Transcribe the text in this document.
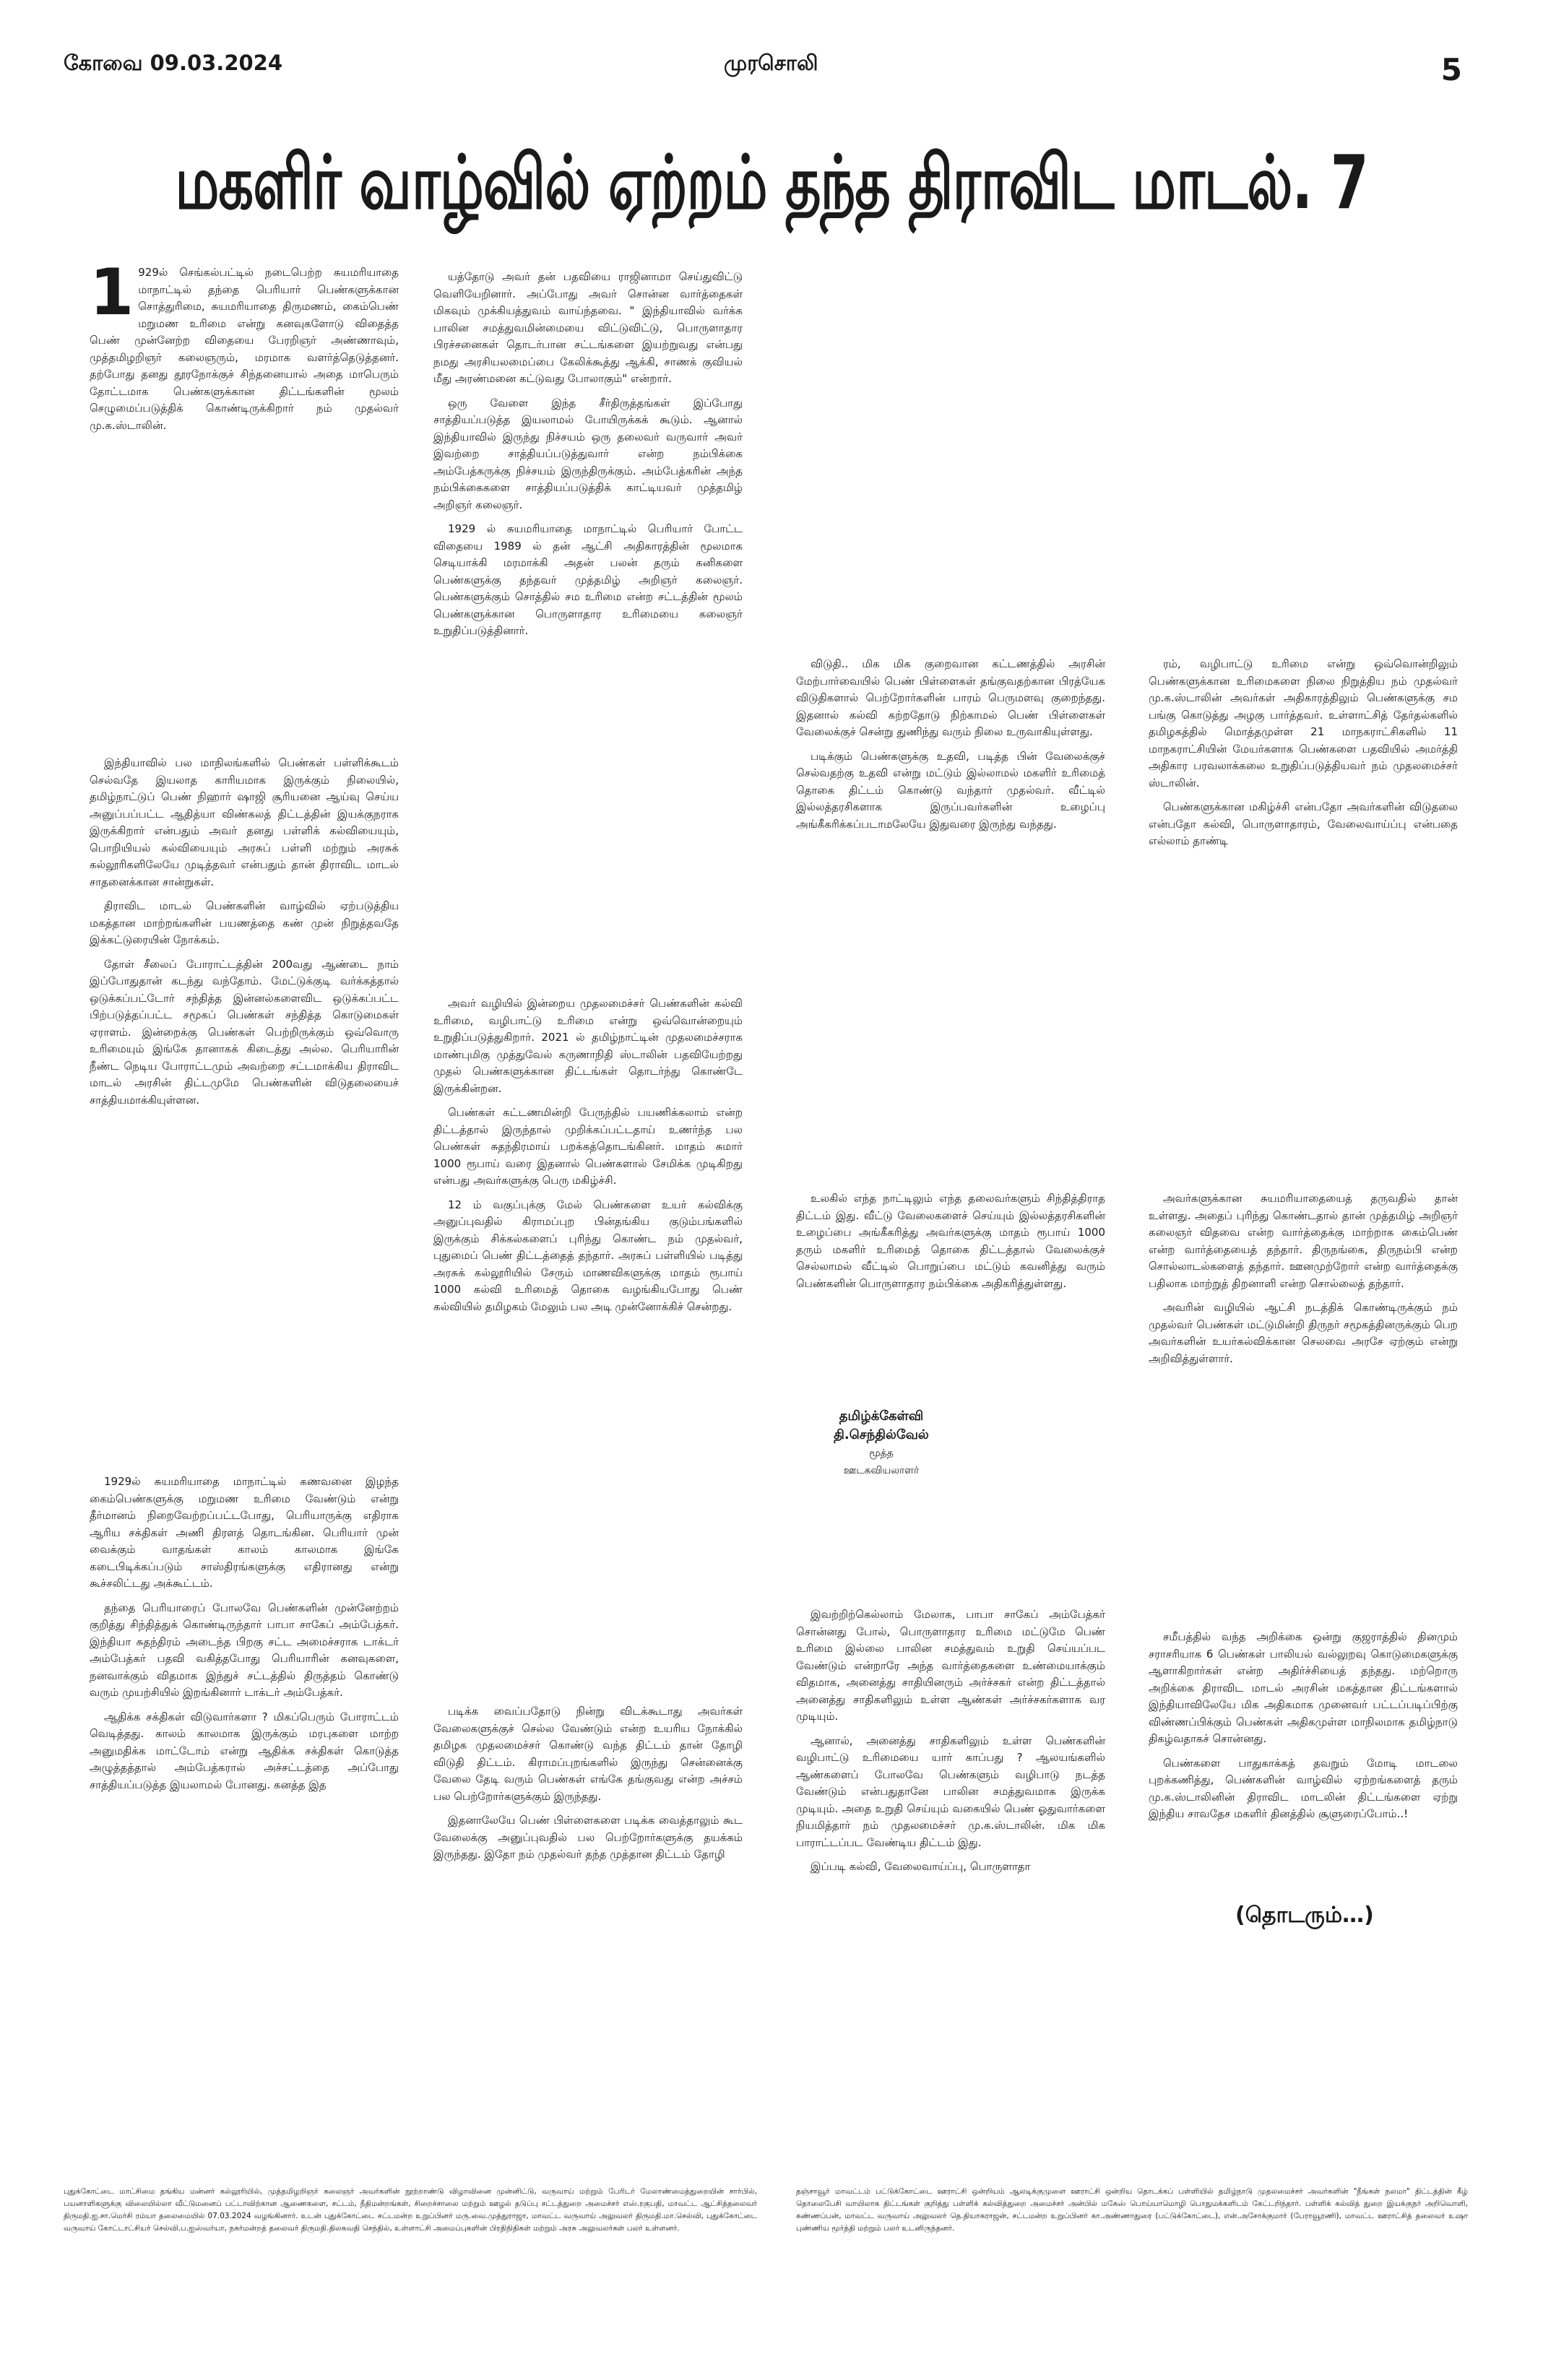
கோவை 09.03.2024	முரசொலி	5
மகளிர் வாழ்வில் ஏற்றம் தந்த திராவிட மாடல். 7
1 929ல் செங்கல்பட்டில் நடைபெற்ற சுயமரியாதை மாநாட்டில் தந்தை பெரியார் பெண்களுக்கான சொத்துரிமை, சுயமரியாதை திருமணம், கைம்பெண் மறுமண உரிமை என்று கனவுகளோடு விதைத்த பெண் முன்னேற்ற விதையை பேரறிஞர் அண்ணாவும், முத்தமிழறிஞர் கலைஞரும், மரமாக வளர்த்தெடுத்தனர். தற்போது தனது தூரநோக்குச் சிந்தனையால் அதை மாபெரும் தோட்டமாக பெண்களுக்கான திட்டங்களின் மூலம் செழுமைப்படுத்திக் கொண்டிருக்கிறார் நம் முதல்வர் மு.க.ஸ்டாலின்.

இந்தியாவில் பல மாநிலங்களில் பெண்கள் பள்ளிக்கூடம் செல்வதே இயலாத காரியமாக இருக்கும் நிலையில், தமிழ்நாட்டுப் பெண் நிஹார் ஷாஜி சூரியனை ஆய்வு செய்ய அனுப்பப்பட்ட ஆதித்யா விண்கலத் திட்டத்தின் இயக்குநராக இருக்கிறார் என்பதும் அவர் தனது பள்ளிக் கல்வியையும், பொறியியல் கல்வியையும் அரசுப் பள்ளி மற்றும் அரசுக் கல்லூரிகளிலேயே முடித்தவர் என்பதும் தான் திராவிட மாடல் சாதனைக்கான சான்றுகள்.

திராவிட மாடல் பெண்களின் வாழ்வில் ஏற்படுத்திய மகத்தான மாற்றங்களின் பயணத்தை கண் முன் நிறுத்தவதே இக்கட்டுரையின் நோக்கம்.

தோள் சீலைப் போராட்டத்தின் 200வது ஆண்டை நாம் இப்போதுதான் கடந்து வந்தோம். மேட்டுக்குடி வர்க்கத்தால் ஒடுக்கப்பட்டோர் சந்தித்த இன்னல்களைவிட ஒடுக்கப்பட்ட பிற்படுத்தப்பட்ட சமூகப் பெண்கள் சந்தித்த கொடுமைகள் ஏராளம். இன்றைக்கு பெண்கள் பெற்றிருக்கும் ஒவ்வொரு உரிமையும் இங்கே தானாகக் கிடைத்து அல்ல. பெரியாரின் நீண்ட நெடிய போராட்டமும் அவற்றை சட்டமாக்கிய திராவிட மாடல் அரசின் திட்டமுமே பெண்களின் விடுதலையைச் சாத்தியமாக்கியுள்ளன.

1929ல் சுயமரியாதை மாநாட்டில் கணவனை இழந்த கைம்பெண்களுக்கு மறுமண உரிமை வேண்டும் என்று தீர்மானம் நிறைவேற்றப்பட்டபோது, பெரியாருக்கு எதிராக ஆரிய சக்திகள் அணி திரளத் தொடங்கின. பெரியார் முன் வைக்கும் வாதங்கள் காலம் காலமாக இங்கே கடைபிடிக்கப்படும் சாஸ்திரங்களுக்கு எதிரானது என்று கூச்சலிட்டது அக்கூட்டம்.

தந்தை பெரியாரைப் போலவே பெண்களின் முன்னேற்றம் குறித்து சிந்தித்துக் கொண்டிருந்தார் பாபா சாகேப் அம்பேத்கர். இந்தியா சுதந்திரம் அடைந்த பிறகு சட்ட அமைச்சராக டாக்டர் அம்பேத்கர் பதவி வகித்தபோது பெரியாரின் கனவுகளை, நனவாக்கும் விதமாக இந்துச் சட்டத்தில் திருத்தம் கொண்டு வரும் முயற்சியில் இறங்கினார் டாக்டர் அம்பேத்கர்.

ஆதிக்க சக்திகள் விடுவார்களா ? மிகப்பெரும் போராட்டம் வெடித்தது. காலம் காலமாக இருக்கும் மரபுகளை மாற்ற அனுமதிக்க மாட்டோம் என்று ஆதிக்க சக்திகள் கொடுத்த அழுத்தத்தால் அம்பேத்கரால் அச்சட்டத்தை அப்போது சாத்தியப்படுத்த இயலாமல் போனது. கனத்த இத

யத்தோடு அவர் தன் பதவியை ராஜினாமா செய்துவிட்டு வெளியேறினார். அப்போது அவர் சொன்ன வார்த்தைகள் மிகவும் முக்கியத்துவம் வாய்ந்தவை. " இந்தியாவில் வர்க்க பாலின சமத்துவமின்மையை விட்டுவிட்டு, பொருளாதார பிரச்சனைகள் தொடர்பான சட்டங்களை இயற்றுவது என்பது நமது அரசியலமைப்பை கேலிக்கூத்து ஆக்கி, சாணக் குவியல் மீது அரண்மனை கட்டுவது போலாகும்" என்றார்.

ஒரு வேளை இந்த சீர்திருத்தங்கள் இப்போது சாத்தியப்படுத்த இயலாமல் போயிருக்கக் கூடும். ஆனால் இந்தியாவில் இருந்து நிச்சயம் ஒரு தலைவர் வருவார் அவர் இவற்றை சாத்தியப்படுத்துவார் என்ற நம்பிக்கை அம்பேத்கருக்கு நிச்சயம் இருந்திருக்கும். அம்பேத்கரின் அந்த நம்பிக்கைகளை சாத்தியப்படுத்திக் காட்டியவர் முத்தமிழ் அறிஞர் கலைஞர்.

1929 ல் சுயமரியாதை மாநாட்டில் பெரியார் போட்ட விதையை 1989 ல் தன் ஆட்சி அதிகாரத்தின் மூலமாக செடியாக்கி மரமாக்கி அதன் பலன் தரும் கனிகளை பெண்களுக்கு தந்தவர் முத்தமிழ் அறிஞர் கலைஞர். பெண்களுக்கும் சொத்தில் சம உரிமை என்ற சட்டத்தின் மூலம் பெண்களுக்கான பொருளாதார உரிமையை கலைஞர் உறுதிப்படுத்தினார்.

அவர் வழியில் இன்றைய முதலமைச்சர் பெண்களின் கல்வி உரிமை, வழிபாட்டு உரிமை என்று ஒவ்வொன்றையும் உறுதிப்படுத்துகிறார். 2021 ல் தமிழ்நாட்டின் முதலமைச்சராக மாண்புமிகு முத்துவேல் கருணாநிதி ஸ்டாலின் பதவியேற்றது முதல் பெண்களுக்கான திட்டங்கள் தொடர்ந்து கொண்டே இருக்கின்றன.

பெண்கள் கட்டணமின்றி பேருந்தில் பயணிக்கலாம் என்ற திட்டத்தால் இருந்தால் முறிக்கப்பட்டதாய் உணர்ந்த பல பெண்கள் சுதந்திரமாய் பறக்கத்தொடங்கினர். மாதம் சுமார் 1000 ரூபாய் வரை இதனால் பெண்களால் சேமிக்க முடிகிறது என்பது அவர்களுக்கு பெரு மகிழ்ச்சி.

12 ம் வகுப்புக்கு மேல் பெண்களை உயர் கல்விக்கு அனுப்புவதில் கிராமப்புற பின்தங்கிய குடும்பங்களில் இருக்கும் சிக்கல்களைப் புரிந்து கொண்ட நம் முதல்வர், புதுமைப் பெண் திட்டத்தைத் தந்தார். அரசுப் பள்ளியில் படித்து அரசுக் கல்லூரியில் சேரும் மாணவிகளுக்கு மாதம் ரூபாய் 1000 கல்வி உரிமைத் தொகை வழங்கியபோது பெண் கல்வியில் தமிழகம் மேலும் பல அடி முன்னோக்கிச் சென்றது.

படிக்க வைப்பதோடு நின்று விடக்கூடாது அவர்கள் வேலைகளுக்குச் செல்ல வேண்டும் என்ற உயரிய நோக்கில் தமிழக முதலமைச்சர் கொண்டு வந்த திட்டம் தான் தோழி விடுதி திட்டம். கிராமப்புறங்களில் இருந்து சென்னைக்கு வேலை தேடி வரும் பெண்கள் எங்கே தங்குவது என்ற அச்சம் பல பெற்றோர்களுக்கும் இருந்தது.

இதனாலேயே பெண் பிள்ளைகளை படிக்க வைத்தாலும் கூட வேலைக்கு அனுப்புவதில் பல பெற்றோர்களுக்கு தயக்கம் இருந்தது. இதோ நம் முதல்வர் தந்த முத்தான திட்டம் தோழி

விடுதி.. மிக மிக குறைவான கட்டணத்தில் அரசின் மேற்பார்வையில் பெண் பிள்ளைகள் தங்குவதற்கான பிரத்யேக விடுதிகளால் பெற்றோர்களின் பாரம் பெருமளவு குறைந்தது. இதனால் கல்வி கற்றதோடு நிற்காமல் பெண் பிள்ளைகள் வேலைக்குச் சென்று துணிந்து வரும் நிலை உருவாகியுள்ளது.

படிக்கும் பெண்களுக்கு உதவி, படித்த பின் வேலைக்குச் செல்வதற்கு உதவி என்று மட்டும் இல்லாமல் மகளிர் உரிமைத் தொகை திட்டம் கொண்டு வந்தார் முதல்வர். வீட்டில் இல்லத்தரசிகளாக இருப்பவர்களின் உழைப்பு அங்கீகரிக்கப்படாமலேயே இதுவரை இருந்து வந்தது.

உலகில் எந்த நாட்டிலும் எந்த தலைவர்களும் சிந்தித்திராத திட்டம் இது. வீட்டு வேலைகளைச் செய்யும் இல்லத்தரசிகளின் உழைப்பை அங்கீகரித்து அவர்களுக்கு மாதம் ரூபாய் 1000 தரும் மகளிர் உரிமைத் தொகை திட்டத்தால் வேலைக்குச் செல்லாமல் வீட்டில் பொறுப்பை மட்டும் கவனித்து வரும் பெண்களின் பொருளாதார நம்பிக்கை அதிகரித்துள்ளது.

தமிழ்க்கேள்வி
தி.செந்தில்வேல்
மூத்த
ஊடகவியலாளர்

இவற்றிற்கெல்லாம் மேலாக, பாபா சாகேப் அம்பேத்கர் சொன்னது போல், பொருளாதார உரிமை மட்டுமே பெண் உரிமை இல்லை பாலின சமத்துவம் உறுதி செய்யப்பட வேண்டும் என்றாரே அந்த வார்த்தைகளை உண்மையாக்கும் விதமாக, அனைத்து சாதியினரும் அர்ச்சகர் என்ற திட்டத்தால் அனைத்து சாதிகளிலும் உள்ள ஆண்கள் அர்ச்சகர்களாக வர முடியும்.

ஆனால், அனைத்து சாதிகளிலும் உள்ள பெண்களின் வழிபாட்டு உரிமையை யார் காப்பது ? ஆலயங்களில் ஆண்களைப் போலவே பெண்களும் வழிபாடு நடத்த வேண்டும் என்பதுதானே பாலின சமத்துவமாக இருக்க முடியும். அதை உறுதி செய்யும் வகையில் பெண் ஓதுவார்களை நியமித்தார் நம் முதலமைச்சர் மு.க.ஸ்டாலின். மிக மிக பாராட்டப்பட வேண்டிய திட்டம் இது.

இப்படி கல்வி, வேலைவாய்ப்பு, பொருளாதா

ரம், வழிபாட்டு உரிமை என்று ஒவ்வொன்றிலும் பெண்களுக்கான உரிமைகளை நிலை நிறுத்திய நம் முதல்வர் மு.க.ஸ்டாலின் அவர்கள் அதிகாரத்திலும் பெண்களுக்கு சம பங்கு கொடுத்து அழகு பார்த்தவர். உள்ளாட்சித் தேர்தல்களில் தமிழகத்தில் மொத்தமுள்ள 21 மாநகராட்சிகளில் 11 மாநகராட்சியின் மேயர்களாக பெண்களை பதவியில் அமர்த்தி அதிகார பரவலாக்கலை உறுதிப்படுத்தியவர் நம் முதலமைச்சர் ஸ்டாலின்.

பெண்களுக்கான மகிழ்ச்சி என்பதோ அவர்களின் விடுதலை என்பதோ கல்வி, பொருளாதாரம், வேலைவாய்ப்பு என்பதை எல்லாம் தாண்டி

அவர்களுக்கான சுயமரியாதையைத் தருவதில் தான் உள்ளது. அதைப் புரிந்து கொண்டதால் தான் முத்தமிழ் அறிஞர் கலைஞர் விதவை என்ற வார்த்தைக்கு மாற்றாக கைம்பெண் என்ற வார்த்தையைத் தந்தார். திருநங்கை, திருநம்பி என்ற சொல்லாடல்களைத் தந்தார். ஊனமுற்றோர் என்ற வார்த்தைக்கு பதிலாக மாற்றுத் திறனாளி என்ற சொல்லைத் தந்தார்.

அவரின் வழியில் ஆட்சி நடத்திக் கொண்டிருக்கும் நம் முதல்வர் பெண்கள் மட்டுமின்றி திருநர் சமூகத்தினருக்கும் பெற அவர்களின் உயர்கல்விக்கான செலவை அரசே ஏற்கும் என்று அறிவித்துள்ளார்.

சமீபத்தில் வந்த அறிக்கை ஒன்று குஜராத்தில் தினமும் சராசரியாக 6 பெண்கள் பாலியல் வல்லுறவு கொடுமைகளுக்கு ஆளாகிறார்கள் என்ற அதிர்ச்சியைத் தந்தது. மற்றொரு அறிக்கை திராவிட மாடல் அரசின் மகத்தான திட்டங்களால் இந்தியாவிலேயே மிக அதிகமாக முனைவர் பட்டப்படிப்பிற்கு விண்ணப்பிக்கும் பெண்கள் அதிகமுள்ள மாநிலமாக தமிழ்நாடு திகழ்வதாகச் சொன்னது.

பெண்களை பாதுகாக்கத் தவறும் மோடி மாடலை புறக்கணித்து, பெண்களின் வாழ்வில் ஏற்றங்களைத் தரும் மு.க.ஸ்டாலினின் திராவிட மாடலின் திட்டங்களை ஏற்று இந்திய சாவதேச மகளிர் தினத்தில் சூளுரைப்போம்..!

(தொடரும்…)
புதுக்கோட்டை மாட்சிமை தங்கிய மன்னர் கல்லூரியில், முத்தமிழறிஞர் கலைஞர் அவர்களின் நூற்றாண்டு விழாவினை முன்னிட்டு, வருவாய் மற்றும் பேரிடர் மேலாண்மைத்துறையின் சார்பில், பயனாளிகளுக்கு விலையில்லா வீட்டுமனைப் பட்டாவிற்கான ஆணைகளை, சட்டம், நீதிமன்றங்கள், சிறைச்சாலை மற்றும் ஊழல் தடுப்பு சட்டத்துறை அமைச்சர் எஸ்.ரகுபதி, மாவட்ட ஆட்சித்தலைவர் திருமதி.ஐ.சா.மெர்சி ரம்யா தலைமையில் 07.03.2024 வழங்கினார். உடன் புதுக்கோட்டை சட்டமன்ற உறுப்பினர் மரு.வை.முத்துராஜா, மாவட்ட வருவாய் அலுவலர் திருமதி.மா.செல்வி, புதுக்கோட்டை வருவாய் கோட்டாட்சியர் செல்வி.ப.ஐஸ்வர்யா, நகர்மன்றத் தலைவர் திருமதி.திலகவதி செந்தில், உள்ளாட்சி அமைப்புகளின் பிரதிநிதிகள் மற்றும் அரசு அலுவலர்கள் பலர் உள்ளனர்.
தஞ்சாவூர் மாவட்டம் பட்டுக்கோட்டை ஊராட்சி ஒன்றியம் ஆலடிக்குமுளை ஊராட்சி ஒன்றிய தொடக்கப் பள்ளியில் தமிழ்நாடு முதலமைச்சர் அவர்களின் "நீங்கள் நலமா" திட்டத்தின் கீழ் தொலைபேசி வாயிலாக திட்டங்கள் குறித்து பள்ளிக் கல்வித்துறை அமைச்சர் அன்பில் மகேஸ் பொய்யாமொழி பொதுமக்களிடம் கேட்டறிந்தார். பள்ளிக் கல்வித் துறை இயக்குநர் அறிவொளி, கண்ணப்பன், மாவட்ட வருவாய் அலுவலர் தெ.தியாகராஜன், சட்டமன்ற உறுப்பினர் கா.அண்ணாதுரை (பட்டுக்கோட்டை), என்.அசோக்குமார் (பேராவூரணி), மாவட்ட ஊராட்சித் தலைவர் உஷா புண்ணிய மூர்த்தி மற்றும் பலர் உடனிருந்தனர்.
